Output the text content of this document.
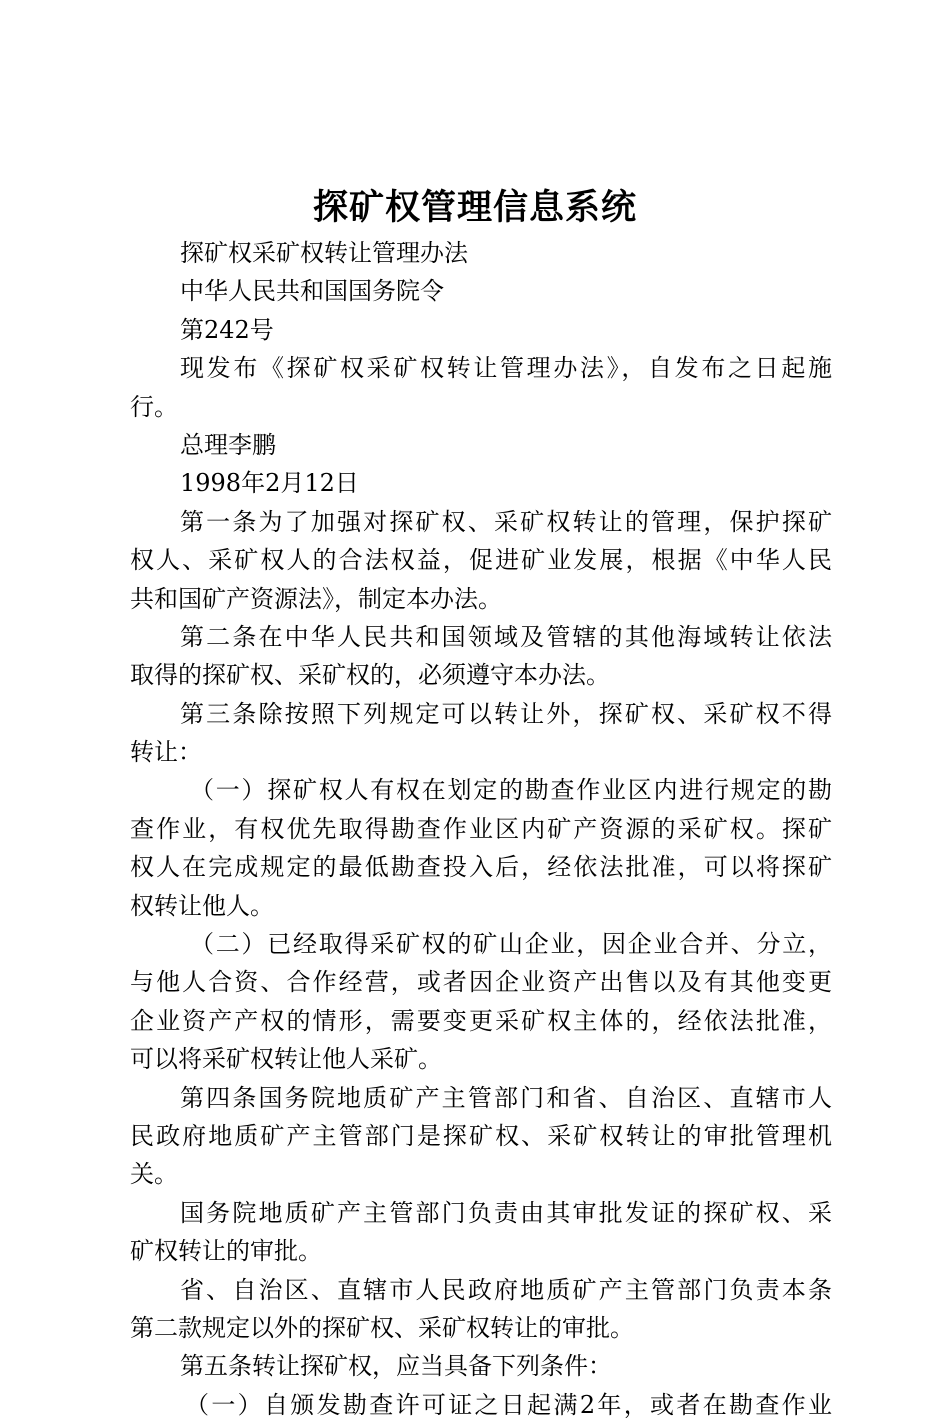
探矿权管理信息系统
探矿权采矿权转让管理办法
中华人民共和国国务院令
第242号
现发布《探矿权采矿权转让管理办法》，自发布之日起施
行。
总理李鹏
1998年2月12日
第一条为了加强对探矿权、采矿权转让的管理，保护探矿
权人、采矿权人的合法权益，促进矿业发展，根据《中华人民
共和国矿产资源法》，制定本办法。
第二条在中华人民共和国领域及管辖的其他海域转让依法
取得的探矿权、采矿权的，必须遵守本办法。
第三条除按照下列规定可以转让外，探矿权、采矿权不得
转让：
（一）探矿权人有权在划定的勘查作业区内进行规定的勘
查作业，有权优先取得勘查作业区内矿产资源的采矿权。探矿
权人在完成规定的最低勘查投入后，经依法批准，可以将探矿
权转让他人。
（二）已经取得采矿权的矿山企业，因企业合并、分立，
与他人合资、合作经营，或者因企业资产出售以及有其他变更
企业资产产权的情形，需要变更采矿权主体的，经依法批准，
可以将采矿权转让他人采矿。
第四条国务院地质矿产主管部门和省、自治区、直辖市人
民政府地质矿产主管部门是探矿权、采矿权转让的审批管理机
关。
国务院地质矿产主管部门负责由其审批发证的探矿权、采
矿权转让的审批。
省、自治区、直辖市人民政府地质矿产主管部门负责本条
第二款规定以外的探矿权、采矿权转让的审批。
第五条转让探矿权，应当具备下列条件：
（一）自颁发勘查许可证之日起满2年，或者在勘查作业
